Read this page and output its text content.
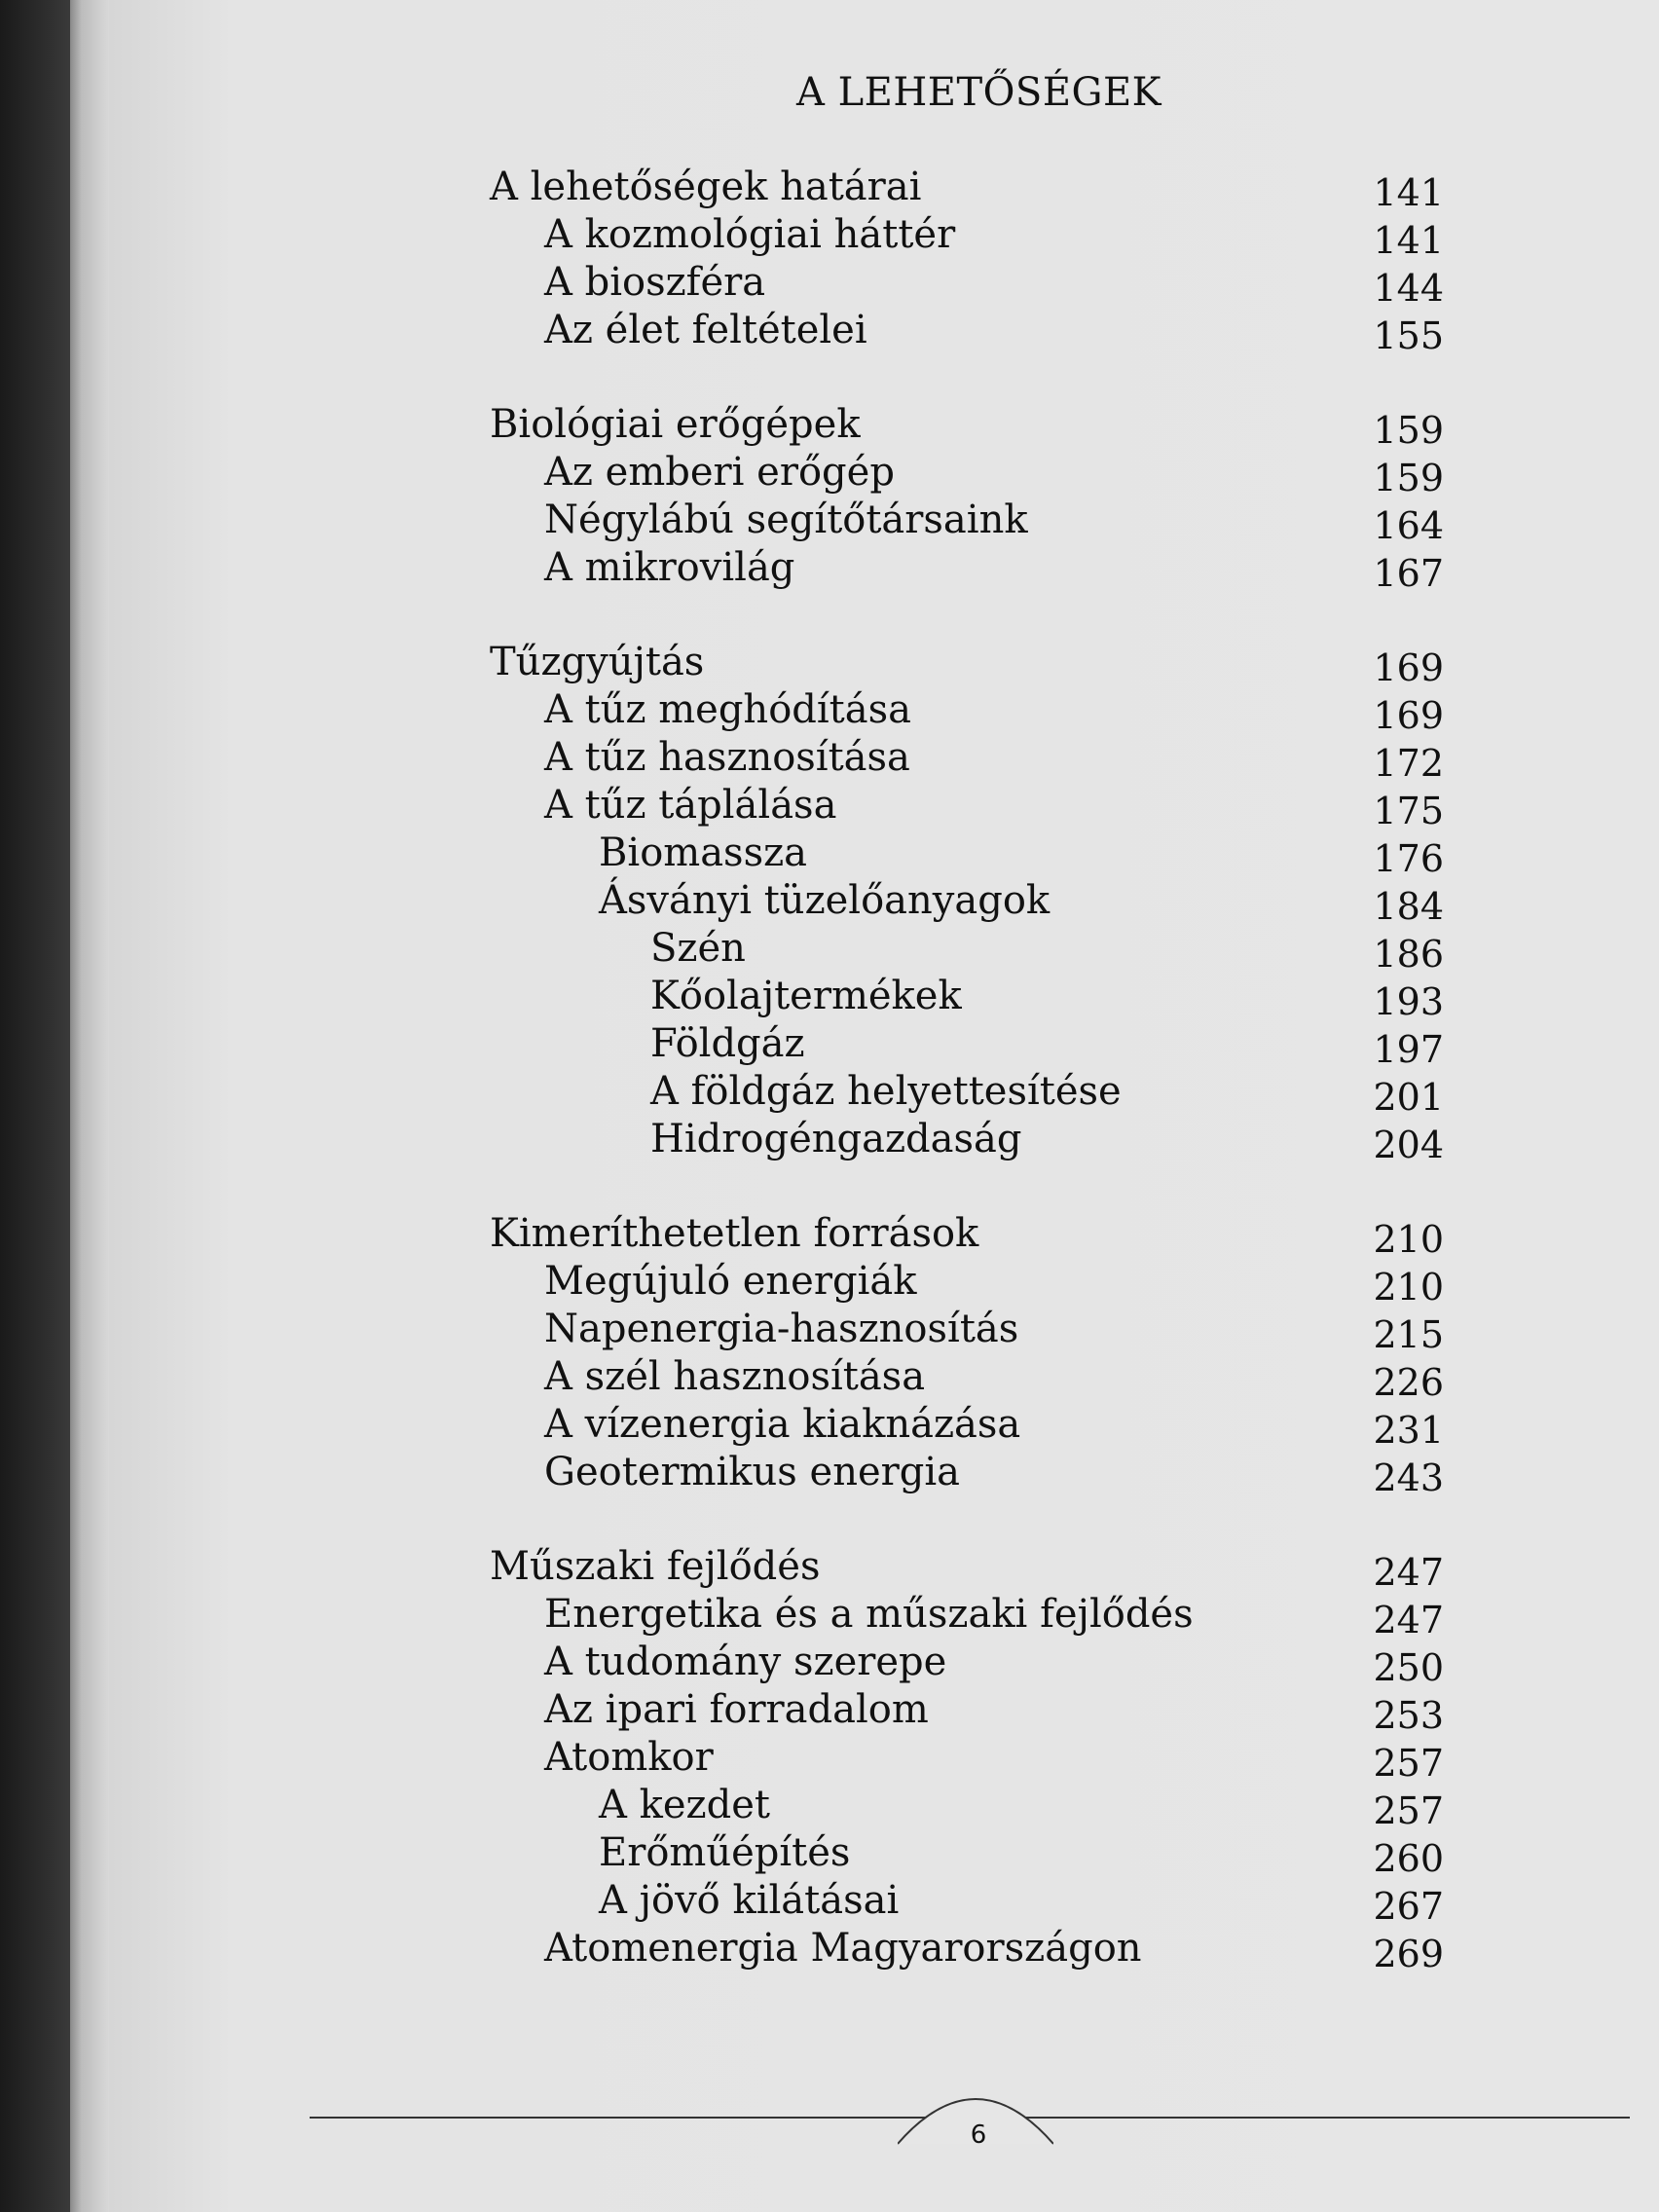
A LEHETŐSÉGEK
A lehetőségek határai	141
A kozmológiai háttér	141
A bioszféra	144
Az élet feltételei	155
Biológiai erőgépek	159
Az emberi erőgép	159
Négylábú segítőtársaink	164
A mikrovilág	167
Tűzgyújtás	169
A tűz meghódítása	169
A tűz hasznosítása	172
A tűz táplálása	175
Biomassza	176
Ásványi tüzelőanyagok	184
Szén	186
Kőolajtermékek	193
Földgáz	197
A földgáz helyettesítése	201
Hidrogéngazdaság	204
Kimeríthetetlen források	210
Megújuló energiák	210
Napenergia-hasznosítás	215
A szél hasznosítása	226
A vízenergia kiaknázása	231
Geotermikus energia	243
Műszaki fejlődés	247
Energetika és a műszaki fejlődés	247
A tudomány szerepe	250
Az ipari forradalom	253
Atomkor	257
A kezdet	257
Erőműépítés	260
A jövő kilátásai	267
Atomenergia Magyarországon	269
6
